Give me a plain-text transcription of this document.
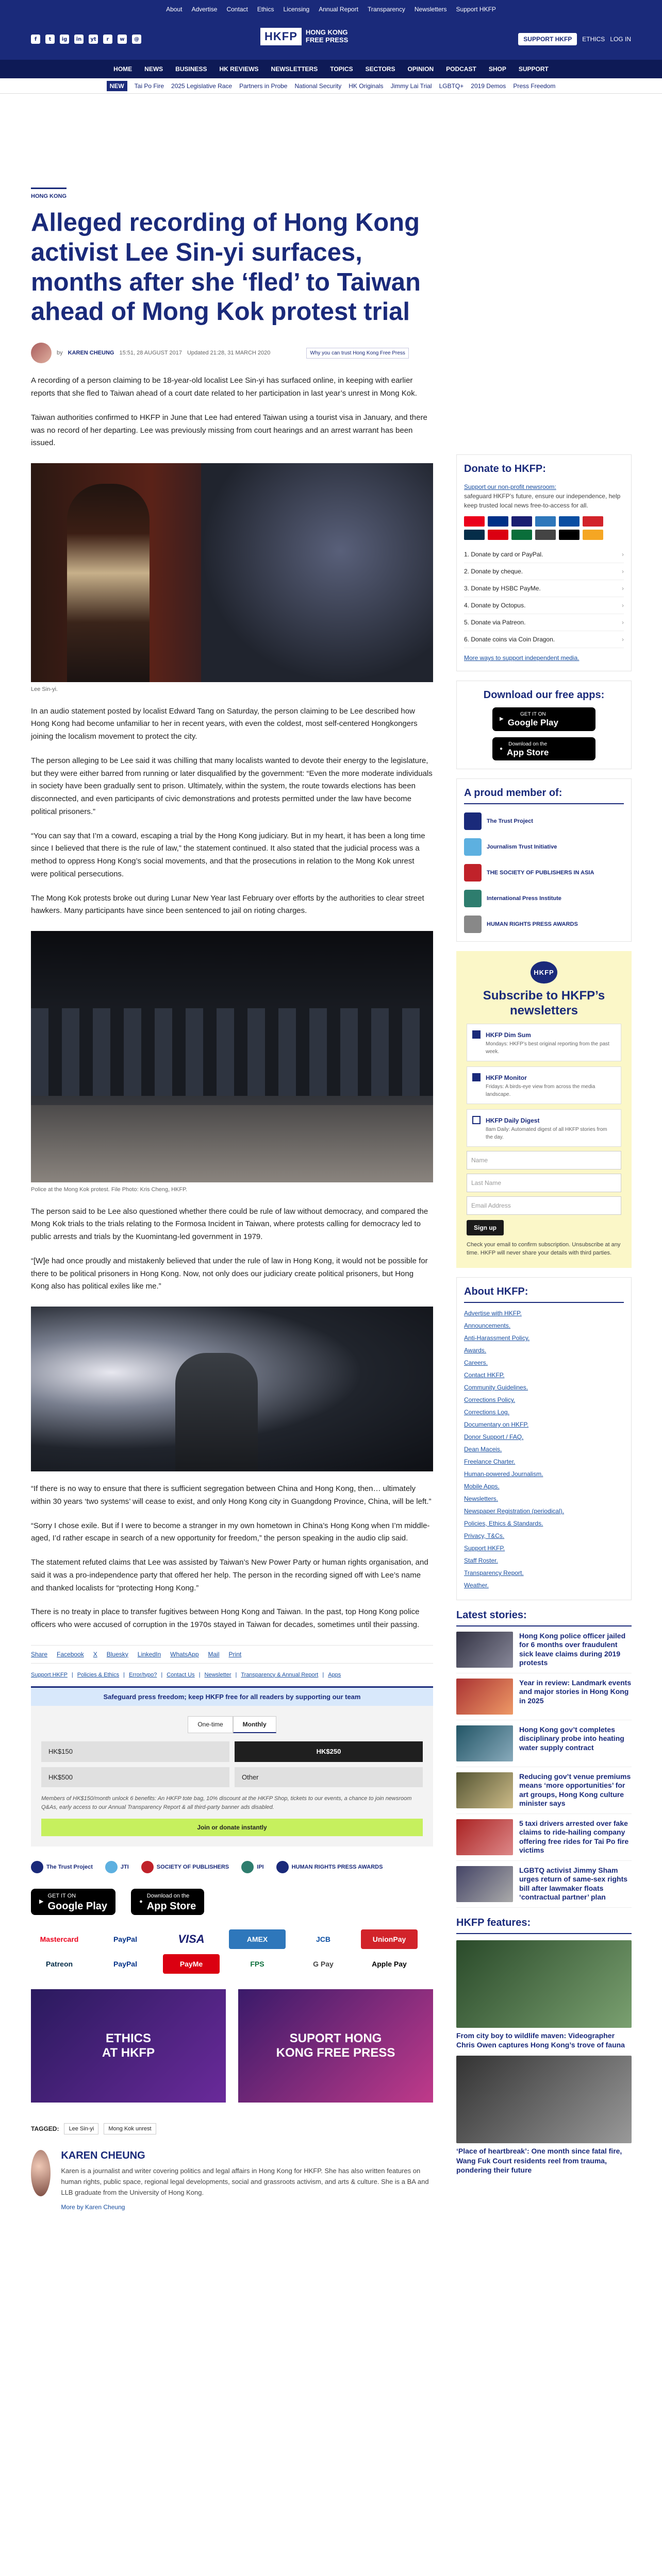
About Advertise Contact Ethics Licensing Annual Report Transparency Newsletters Support HKFP
f	t	ig	in	yt	r	w	@	HKFP	HONG KONG FREE PRESS	SUPPORT HKFP	ETHICS LOG IN
HOME NEWS BUSINESS HK REVIEWS NEWSLETTERS TOPICS SECTORS OPINION PODCAST SHOP SUPPORT
NEW	Tai Po Fire 2025 Legislative Race Partners in Probe National Security HK Originals Jimmy Lai Trial LGBTQ+ 2019 Demos Press Freedom
HONG KONG
Alleged recording of Hong Kong activist Lee Sin-yi surfaces, months after she ‘fled’ to Taiwan ahead of Mong Kok protest trial
by KAREN CHEUNG 15:51, 28 AUGUST 2017 Updated 21:28, 31 MARCH 2020	Why you can trust Hong Kong Free Press

A recording of a person claiming to be 18-year-old localist Lee Sin-yi has surfaced online, in keeping with earlier reports that she fled to Taiwan ahead of a court date related to her participation in last year’s unrest in Mong Kok.

Taiwan authorities confirmed to HKFP in June that Lee had entered Taiwan using a tourist visa in January, and there was no record of her departing. Lee was previously missing from court hearings and an arrest warrant has been issued.

Lee Sin-yi.

In an audio statement posted by localist Edward Tang on Saturday, the person claiming to be Lee described how Hong Kong had become unfamiliar to her in recent years, with even the coldest, most self-centered Hongkongers joining the localism movement to protect the city.

The person alleging to be Lee said it was chilling that many localists wanted to devote their energy to the legislature, but they were either barred from running or later disqualified by the government: “Even the more moderate individuals in society have been gradually sent to prison. Ultimately, within the system, the route towards elections has been disconnected, and even participants of civic demonstrations and protests permitted under the law have become political prisoners.”

“You can say that I’m a coward, escaping a trial by the Hong Kong judiciary. But in my heart, it has been a long time since I believed that there is the rule of law,” the statement continued. It also stated that the judicial process was a method to oppress Hong Kong’s social movements, and that the prosecutions in relation to the Mong Kok unrest were political persecutions.

The Mong Kok protests broke out during Lunar New Year last February over efforts by the authorities to clear street hawkers. Many participants have since been sentenced to jail on rioting charges.

Police at the Mong Kok protest. File Photo: Kris Cheng, HKFP.

The person said to be Lee also questioned whether there could be rule of law without democracy, and compared the Mong Kok trials to the trials relating to the Formosa Incident in Taiwan, where protests calling for democracy led to public arrests and trials by the Kuomintang-led government in 1979.

“[W]e had once proudly and mistakenly believed that under the rule of law in Hong Kong, it would not be possible for there to be political prisoners in Hong Kong. Now, not only does our judiciary create political prisoners, but Hong Kong also has political exiles like me.”

“If there is no way to ensure that there is sufficient segregation between China and Hong Kong, then… ultimately within 30 years ‘two systems’ will cease to exist, and only Hong Kong city in Guangdong Province, China, will be left.”

“Sorry I chose exile. But if I were to become a stranger in my own hometown in China’s Hong Kong when I’m middle-aged, I’d rather escape in search of a new opportunity for freedom,” the person speaking in the audio clip said.

The statement refuted claims that Lee was assisted by Taiwan’s New Power Party or human rights organisation, and said it was a pro-independence party that offered her help. The person in the recording signed off with Lee’s name and thanked localists for “protecting Hong Kong.”

There is no treaty in place to transfer fugitives between Hong Kong and Taiwan. In the past, top Hong Kong police officers who were accused of corruption in the 1970s stayed in Taiwan for decades, sometimes until their passing.

Share Facebook X Bluesky LinkedIn WhatsApp Mail Print
Support HKFP | Policies & Ethics | Error/typo? | Contact Us | Newsletter | Transparency & Annual Report | Apps
Safeguard press freedom; keep HKFP free for all readers by supporting our team
One-time	Monthly
HK$150	HK$250
HK$500	Other
Members of HK$150/month unlock 6 benefits: An HKFP tote bag, 10% discount at the HKFP Shop, tickets to our events, a chance to join newsroom Q&As, early access to our Annual Transparency Report & all third-party banner ads disabled.
Join or donate instantly
The Trust Project	JTI	SOCIETY OF PUBLISHERS	IPI	HUMAN RIGHTS PRESS AWARDS
▶
GET IT ON
Google Play	●
Download on the
App Store
Mastercard	PayPal	VISA	AMEX	JCB	UnionPay
Patreon	PayPal	PayMe	FPS	G Pay	Apple Pay
ETHICS
AT HKFP
SUPORT HONG
KONG FREE PRESS
TAGGED:	Lee Sin-yi	Mong Kok unrest
KAREN CHEUNG

Karen is a journalist and writer covering politics and legal affairs in Hong Kong for HKFP. She has also written features on human rights, public space, regional legal developments, social and grassroots activism, and arts & culture. She is a BA and LLB graduate from the University of Hong Kong.

More by Karen Cheung
Donate to HKFP:
Support our non-profit newsroom:
safeguard HKFP’s future, ensure our independence, help keep trusted local news free-to-access for all.
1. Donate by card or PayPal.	›
2. Donate by cheque.	›
3. Donate by HSBC PayMe.	›
4. Donate by Octopus.	›
5. Donate via Patreon.	›
6. Donate coins via Coin Dragon.	›
More ways to support independent media.
Download our free apps:
▶
GET IT ON
Google Play
●
Download on the
App Store
A proud member of:
The Trust Project
Journalism Trust Initiative
THE SOCIETY OF PUBLISHERS IN ASIA
International Press Institute
HUMAN RIGHTS PRESS AWARDS
HKFP
Subscribe to HKFP’s newsletters
HKFP Dim Sum
Mondays: HKFP’s best original reporting from the past week.
HKFP Monitor
Fridays: A birds-eye view from across the media landscape.
HKFP Daily Digest
8am Daily: Automated digest of all HKFP stories from the day.
Name
Last Name
Email Address
Sign up
Check your email to confirm subscription. Unsubscribe at any time. HKFP will never share your details with third parties.
About HKFP:
Advertise with HKFP.
Announcements.
Anti-Harassment Policy.
Awards.
Careers.
Contact HKFP.
Community Guidelines.
Corrections Policy.
Corrections Log.
Documentary on HKFP.
Donor Support / FAQ.
Dean Maceis.
Freelance Charter.
Human-powered Journalism.
Mobile Apps.
Newsletters.
Newspaper Registration (periodical).
Policies, Ethics & Standards.
Privacy, T&Cs.
Support HKFP.
Staff Roster.
Transparency Report.
Weather.
Latest stories:
Hong Kong police officer jailed for 6 months over fraudulent sick leave claims during 2019 protests
Year in review: Landmark events and major stories in Hong Kong in 2025
Hong Kong gov’t completes disciplinary probe into heating water supply contract
Reducing gov’t venue premiums means ‘more opportunities’ for art groups, Hong Kong culture minister says
5 taxi drivers arrested over fake claims to ride-hailing company offering free rides for Tai Po fire victims
LGBTQ activist Jimmy Sham urges return of same-sex rights bill after lawmaker floats ‘contractual partner’ plan
HKFP features:
From city boy to wildlife maven: Videographer Chris Owen captures Hong Kong’s trove of fauna
‘Place of heartbreak’: One month since fatal fire, Wang Fuk Court residents reel from trauma, pondering their future
